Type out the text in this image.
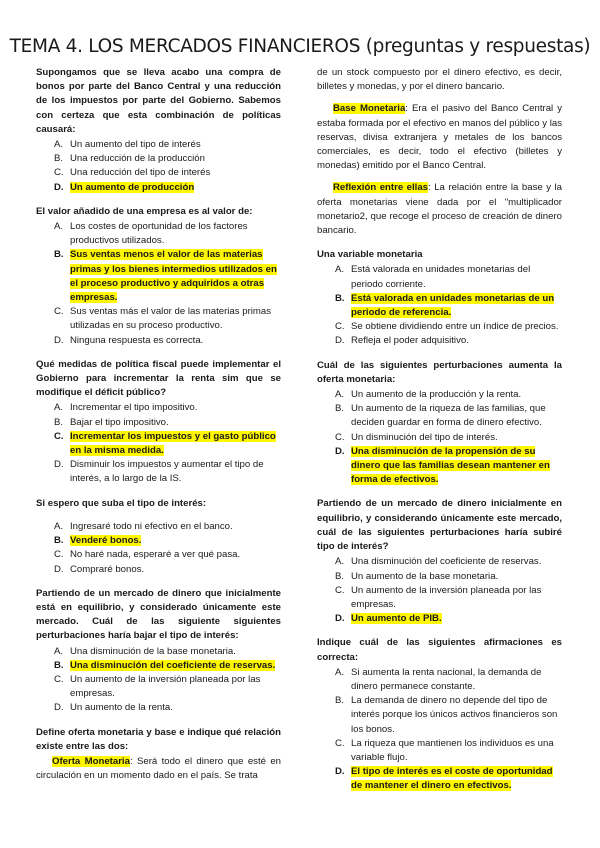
TEMA 4. LOS MERCADOS FINANCIEROS (preguntas y respuestas)

Supongamos que se lleva acabo una compra de bonos por parte del Banco Central y una reducción de los impuestos por parte del Gobierno. Sabemos con certeza que esta combinación de políticas causará:

A. Un aumento del tipo de interés
B. Una reducción de la producción
C. Una reducción del tipo de interés
D. Un aumento de producción

El valor añadido de una empresa es al valor de:

A. Los costes de oportunidad de los factores productivos utilizados.
B. Sus ventas menos el valor de las materias primas y los bienes intermedios utilizados en el proceso productivo y adquiridos a otras empresas.
C. Sus ventas más el valor de las materias primas utilizadas en su proceso productivo.
D. Ninguna respuesta es correcta.

Qué medidas de política fiscal puede implementar el Gobierno para incrementar la renta sim que se modifique el déficit público?

A. Incrementar el tipo impositivo.
B. Bajar el tipo impositivo.
C. Incrementar los impuestos y el gasto público en la misma medida.
D. Disminuir los impuestos y aumentar el tipo de interés, a lo largo de la IS.

Si espero que suba el tipo de interés:

A. Ingresaré todo ni efectivo en el banco.
B. Venderé bonos.
C. No haré nada, esperaré a ver qué pasa.
D. Compraré bonos.

Partiendo de un mercado de dinero que inicialmente está en equilibrio, y considerado únicamente este mercado. Cuál de las siguiente siguientes perturbaciones haría bajar el tipo de interés:

A. Una disminución de la base monetaria.
B. Una disminución del coeficiente de reservas.
C. Un aumento de la inversión planeada por las empresas.
D. Un aumento de la renta.

Define oferta monetaria y base e indique qué relación existe entre las dos:

Oferta Monetaria: Será todo el dinero que esté en circulación en un momento dado en el país. Se trata

de un stock compuesto por el dinero efectivo, es decir, billetes y monedas, y por el dinero bancario.

Base Monetaria: Era el pasivo del Banco Central y estaba formada por el efectivo en manos del público y las reservas, divisa extranjera y metales de los bancos comerciales, es decir, todo el efectivo (billetes y monedas) emitido por el Banco Central.

Reflexión entre ellas: La relación entre la base y la oferta monetarias viene dada por el "multiplicador monetario2, que recoge el proceso de creación de dinero bancario.

Una variable monetaria

A. Está valorada en unidades monetarias del periodo corriente.
B. Está valorada en unidades monetarias de un periodo de referencia.
C. Se obtiene dividiendo entre un índice de precios.
D. Refleja el poder adquisitivo.

Cuál de las siguientes perturbaciones aumenta la oferta monetaria:

A. Un aumento de la producción y la renta.
B. Un aumento de la riqueza de las familias, que deciden guardar en forma de dinero efectivo.
C. Un disminución del tipo de interés.
D. Una disminución de la propensión de su dinero que las familias desean mantener en forma de efectivos.

Partiendo de un mercado de dinero inicialmente en equilibrio, y considerando únicamente este mercado, cuál de las siguientes perturbaciones haría subiré tipo de interés?

A. Una disminución del coeficiente de reservas.
B. Un aumento de la base monetaria.
C. Un aumento de la inversión planeada por las empresas.
D. Un aumento de PIB.

Indique cuál de las siguientes afirmaciones es correcta:

A. Si aumenta la renta nacional, la demanda de dinero permanece constante.
B. La demanda de dinero no depende del tipo de interés porque los únicos activos financieros son los bonos.
C. La riqueza que mantienen los individuos es una variable flujo.
D. El tipo de interés es el coste de oportunidad de mantener el dinero en efectivos.
